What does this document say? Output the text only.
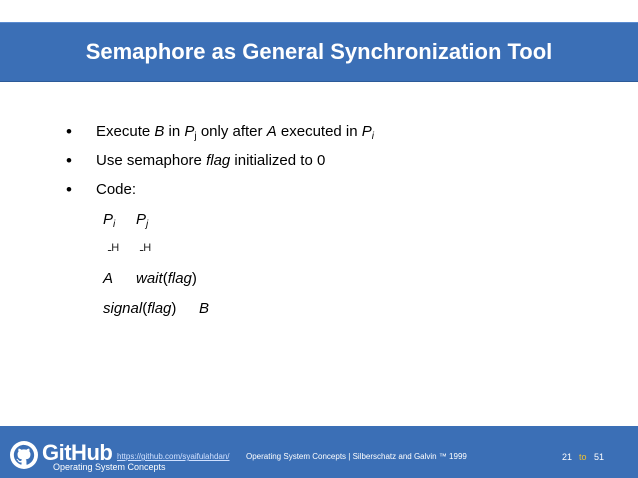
Semaphore as General Synchronization Tool
•	Execute B in $P_j$ only after A executed in $P_i$
•	Use semaphore flag initialized to 0
•	Code:
$P_i$ $P_j$
ـH ـH
A wait(flag)
signal(flag) B
GitHub https://github.com/syaifulahdan/ Operating System Concepts | Silberschatz and Galvin ™ 1999
Operating System Concepts
21 to 51
